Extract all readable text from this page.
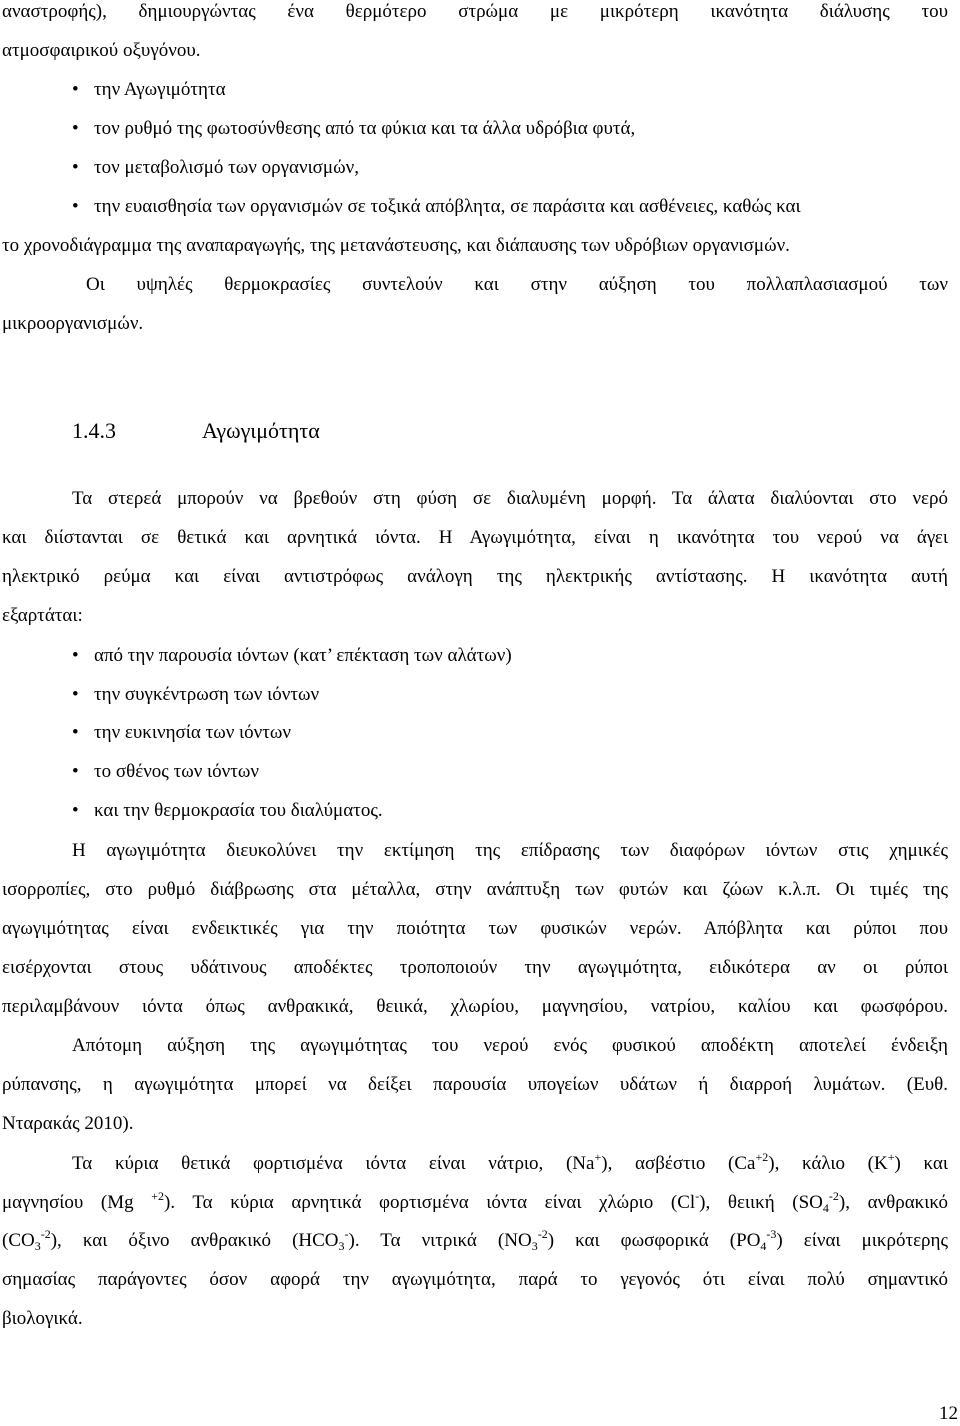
αναστροφής), δημιουργώντας ένα θερμότερο στρώμα με μικρότερη ικανότητα διάλυσης του
ατμοσφαιρικού οξυγόνου.
• την Αγωγιμότητα
• τον ρυθμό της φωτοσύνθεσης από τα φύκια και τα άλλα υδρόβια φυτά,
• τον μεταβολισμό των οργανισμών,
• την ευαισθησία των οργανισμών σε τοξικά απόβλητα, σε παράσιτα και ασθένειες, καθώς και
το χρονοδιάγραμμα της αναπαραγωγής, της μετανάστευσης, και διάπαυσης των υδρόβιων οργανισμών.
Οι υψηλές θερμοκρασίες συντελούν και στην αύξηση του πολλαπλασιασμού των
μικροοργανισμών.
1.4.3	Αγωγιμότητα
Τα στερεά μπορούν να βρεθούν στη φύση σε διαλυμένη μορφή. Τα άλατα διαλύονται στο νερό
και διίστανται σε θετικά και αρνητικά ιόντα. Η Αγωγιμότητα, είναι η ικανότητα του νερού να άγει
ηλεκτρικό ρεύμα και είναι αντιστρόφως ανάλογη της ηλεκτρικής αντίστασης. Η ικανότητα αυτή
εξαρτάται:
• από την παρουσία ιόντων (κατ’ επέκταση των αλάτων)
• την συγκέντρωση των ιόντων
• την ευκινησία των ιόντων
• το σθένος των ιόντων
• και την θερμοκρασία του διαλύματος.
Η αγωγιμότητα διευκολύνει την εκτίμηση της επίδρασης των διαφόρων ιόντων στις χημικές
ισορροπίες, στο ρυθμό διάβρωσης στα μέταλλα, στην ανάπτυξη των φυτών και ζώων κ.λ.π. Οι τιμές της
αγωγιμότητας είναι ενδεικτικές για την ποιότητα των φυσικών νερών. Απόβλητα και ρύποι που
εισέρχονται στους υδάτινους αποδέκτες τροποποιούν την αγωγιμότητα, ειδικότερα αν οι ρύποι
περιλαμβάνουν ιόντα όπως ανθρακικά, θειικά, χλωρίου, μαγνησίου, νατρίου, καλίου και φωσφόρου.
Απότομη αύξηση της αγωγιμότητας του νερού ενός φυσικού αποδέκτη αποτελεί ένδειξη
ρύπανσης, η αγωγιμότητα μπορεί να δείξει παρουσία υπογείων υδάτων ή διαρροή λυμάτων. (Ευθ.
Νταρακάς 2010).
Τα κύρια θετικά φορτισμένα ιόντα είναι νάτριο, (Na+), ασβέστιο $(Ca^{+2})$, κάλιο (K+) και
μαγνησίου (Mg $^{+2}$). Τα κύρια αρνητικά φορτισμένα ιόντα είναι χλώριο (Cl-), θειική $(SO_4^{-2})$, ανθρακικό
$(CO_3^{-2})$, και όξινο ανθρακικό $(HCO_3^-)$. Τα νιτρικά $(NO_3^{-2})$ και φωσφορικά $(PO_4^{-3})$ είναι μικρότερης
σημασίας παράγοντες όσον αφορά την αγωγιμότητα, παρά το γεγονός ότι είναι πολύ σημαντικό
βιολογικά.
12
